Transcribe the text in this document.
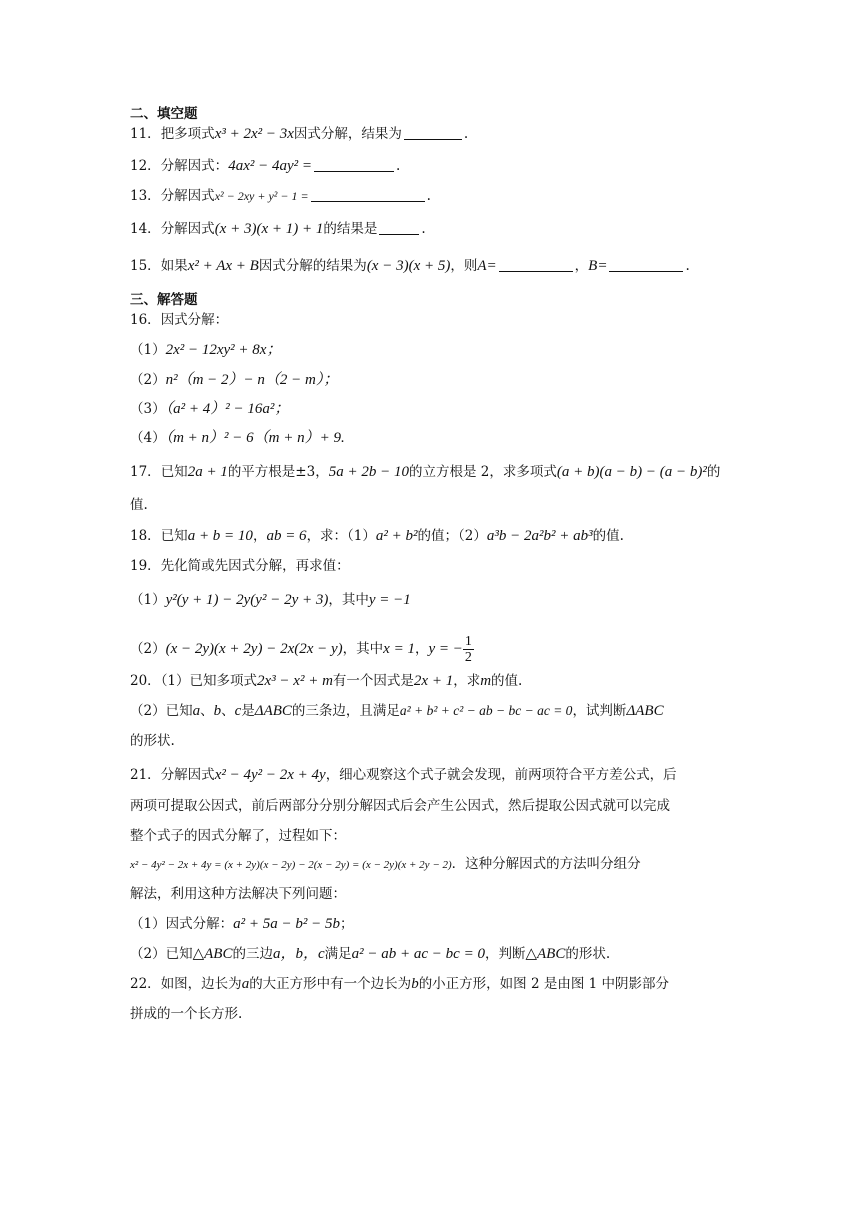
二、填空题
11．把多项式x³ + 2x² − 3x因式分解，结果为	.
12．分解因式：4ax² − 4ay² =	.
13．分解因式x² − 2xy + y² − 1 =	.
14．分解因式(x + 3)(x + 1) + 1的结果是	.
15．如果x² + Ax + B因式分解的结果为(x − 3)(x + 5)，则A=	，B=	.
三、解答题
16．因式分解：
（1）2x² − 12xy² + 8x；
（2）n²（m − 2）− n（2 − m）；
（3）（a² + 4）² − 16a²；
（4）（m + n）² − 6（m + n）+ 9.
17．已知2a + 1的平方根是±3，5a + 2b − 10的立方根是 2，求多项式(a + b)(a − b) − (a − b)²的
值.
18．已知a + b = 10，ab = 6，求：（1）a² + b²的值；（2）a³b − 2a²b² + ab³的值.
19．先化简或先因式分解，再求值：
（1）y²(y + 1) − 2y(y² − 2y + 3)，其中y = −1
（2）(x − 2y)(x + 2y) − 2x(2x − y)，其中x = 1，y = − $\frac{1}{2}$
20．（1）已知多项式2x³ − x² + m有一个因式是2x + 1，求m的值.
（2）已知a、b、c是ΔABC的三条边，且满足a² + b² + c² − ab − bc − ac = 0，试判断ΔABC
的形状.
21．分解因式x² − 4y² − 2x + 4y，细心观察这个式子就会发现，前两项符合平方差公式，后
两项可提取公因式，前后两部分分别分解因式后会产生公因式，然后提取公因式就可以完成
整个式子的因式分解了，过程如下：
x² − 4y² − 2x + 4y = (x + 2y)(x − 2y) − 2(x − 2y) = (x − 2y)(x + 2y − 2)．这种分解因式的方法叫分组分
解法，利用这种方法解决下列问题：
（1）因式分解：a² + 5a − b² − 5b；
（2）已知△ABC的三边a，b，c满足a² − ab + ac − bc = 0，判断△ABC的形状.
22．如图，边长为a的大正方形中有一个边长为b的小正方形，如图 2 是由图 1 中阴影部分
拼成的一个长方形.
